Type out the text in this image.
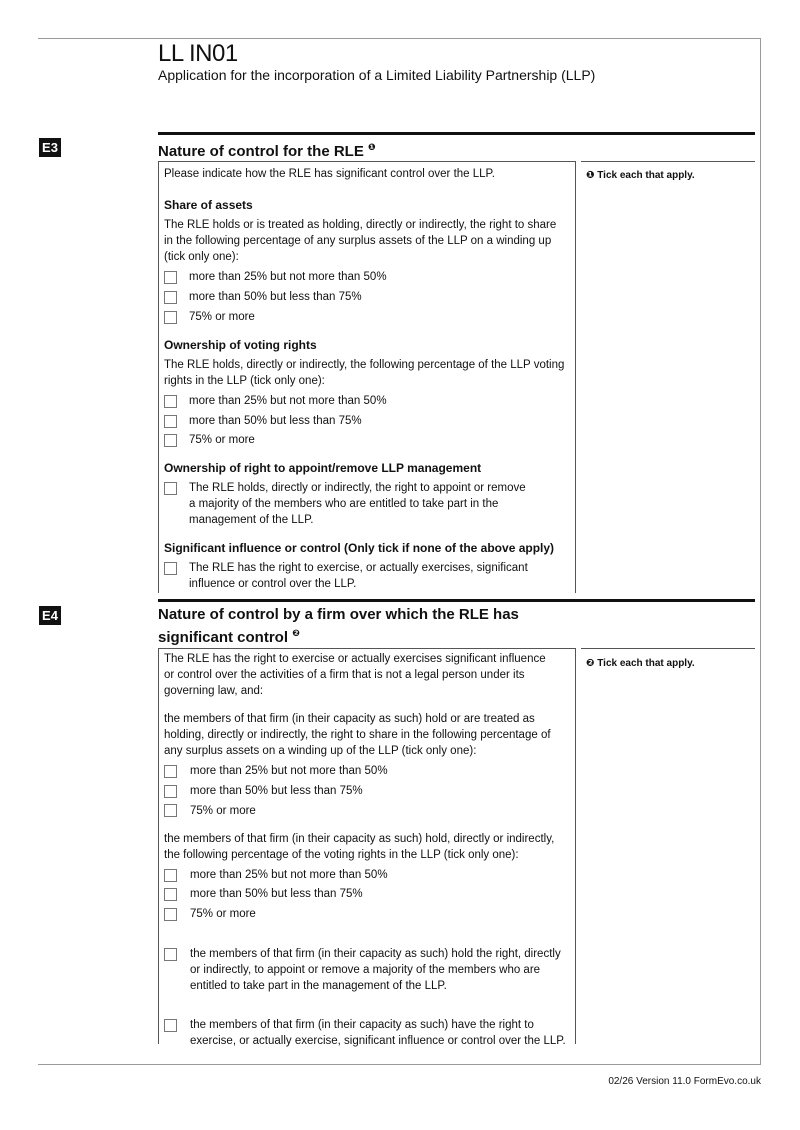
LL IN01
Application for the incorporation of a Limited Liability Partnership (LLP)
E3	Nature of control for the RLE $^❶$
❶ Tick each that apply.
Please indicate how the RLE has significant control over the LLP.
Share of assets
The RLE holds or is treated as holding, directly or indirectly, the right to share
in the following percentage of any surplus assets of the LLP on a winding up
(tick only one):
more than 25% but not more than 50%
more than 50% but less than 75%
75% or more
Ownership of voting rights
The RLE holds, directly or indirectly, the following percentage of the LLP voting
rights in the LLP (tick only one):
more than 25% but not more than 50%
more than 50% but less than 75%
75% or more
Ownership of right to appoint/remove LLP management
The RLE holds, directly or indirectly, the right to appoint or remove
a majority of the members who are entitled to take part in the
management of the LLP.
Significant influence or control (Only tick if none of the above apply)
The RLE has the right to exercise, or actually exercises, significant
influence or control over the LLP.
E4	Nature of control by a firm over which the RLE has
significant control $^❷$
❷ Tick each that apply.
The RLE has the right to exercise or actually exercises significant influence
or control over the activities of a firm that is not a legal person under its
governing law, and:
the members of that firm (in their capacity as such) hold or are treated as
holding, directly or indirectly, the right to share in the following percentage of
any surplus assets on a winding up of the LLP (tick only one):
more than 25% but not more than 50%
more than 50% but less than 75%
75% or more
the members of that firm (in their capacity as such) hold, directly or indirectly,
the following percentage of the voting rights in the LLP (tick only one):
more than 25% but not more than 50%
more than 50% but less than 75%
75% or more
the members of that firm (in their capacity as such) hold the right, directly
or indirectly, to appoint or remove a majority of the members who are
entitled to take part in the management of the LLP.
the members of that firm (in their capacity as such) have the right to
exercise, or actually exercise, significant influence or control over the LLP.
02/26 Version 11.0 FormEvo.co.uk
